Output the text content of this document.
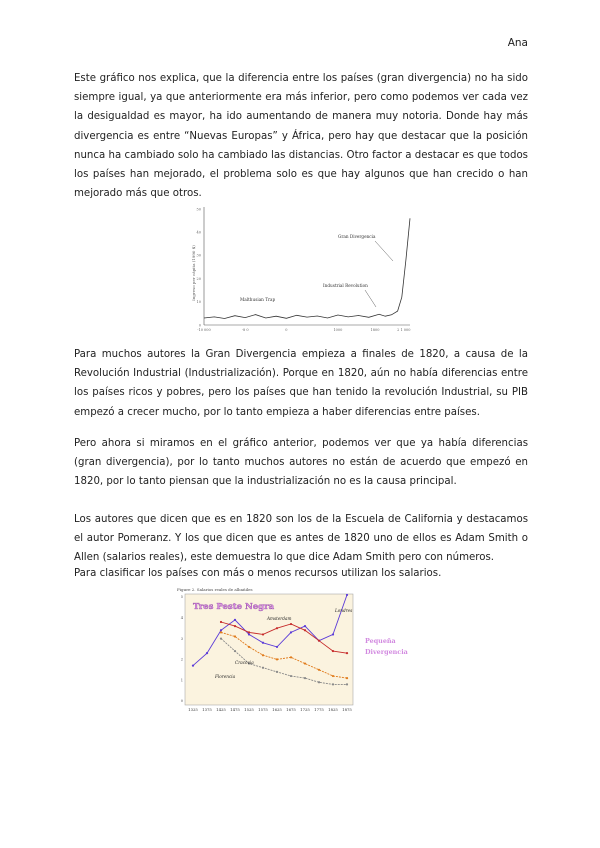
Ana

Este gráfico nos explica, que la diferencia entre los países (gran divergencia) no ha sido siempre igual, ya que anteriormente era más inferior, pero como podemos ver cada vez la desigualdad es mayor, ha ido aumentando de manera muy notoria. Donde hay más divergencia es entre “Nuevas Europas” y África, pero hay que destacar que la posición nunca ha cambiado solo ha cambiado las distancias. Otro factor a destacar es que todos los países han mejorado, el problema solo es que hay algunos que han crecido o han mejorado más que otros.

Ingreso per cápita (1990 $)
0
10
20
30
40
50
-10 000	-8 0	0	1000	1800	2 1 000
Gran Divergencia
Industrial Revolution
Malthusian Trap

Para muchos autores la Gran Divergencia empieza a finales de 1820, a causa de la Revolución Industrial (Industrialización). Porque en 1820, aún no había diferencias entre los países ricos y pobres, pero los países que han tenido la revolución Industrial, su PIB empezó a crecer mucho, por lo tanto empieza a haber diferencias entre países.

Pero ahora si miramos en el gráfico anterior, podemos ver que ya había diferencias (gran divergencia), por lo tanto muchos autores no están de acuerdo que empezó en 1820, por lo tanto piensan que la industrialización no es la causa principal.

Los autores que dicen que es en 1820 son los de la Escuela de California y destacamos el autor Pomeranz. Y los que dicen que es antes de 1820 uno de ellos es Adam Smith o Allen (salarios reales), este demuestra lo que dice Adam Smith pero con números.

Para clasificar los países con más o menos recursos utilizan los salarios.

Figure 2. Salarios reales de albañiles
0
1
2
3
4
5
1325 1375 1425 1475 1525 1575 1625 1675 1725 1775 1825 1875
Londres
Amsterdam
Cracovia
Florencia
Tres Peste Negra
Pequeña
Divergencia
